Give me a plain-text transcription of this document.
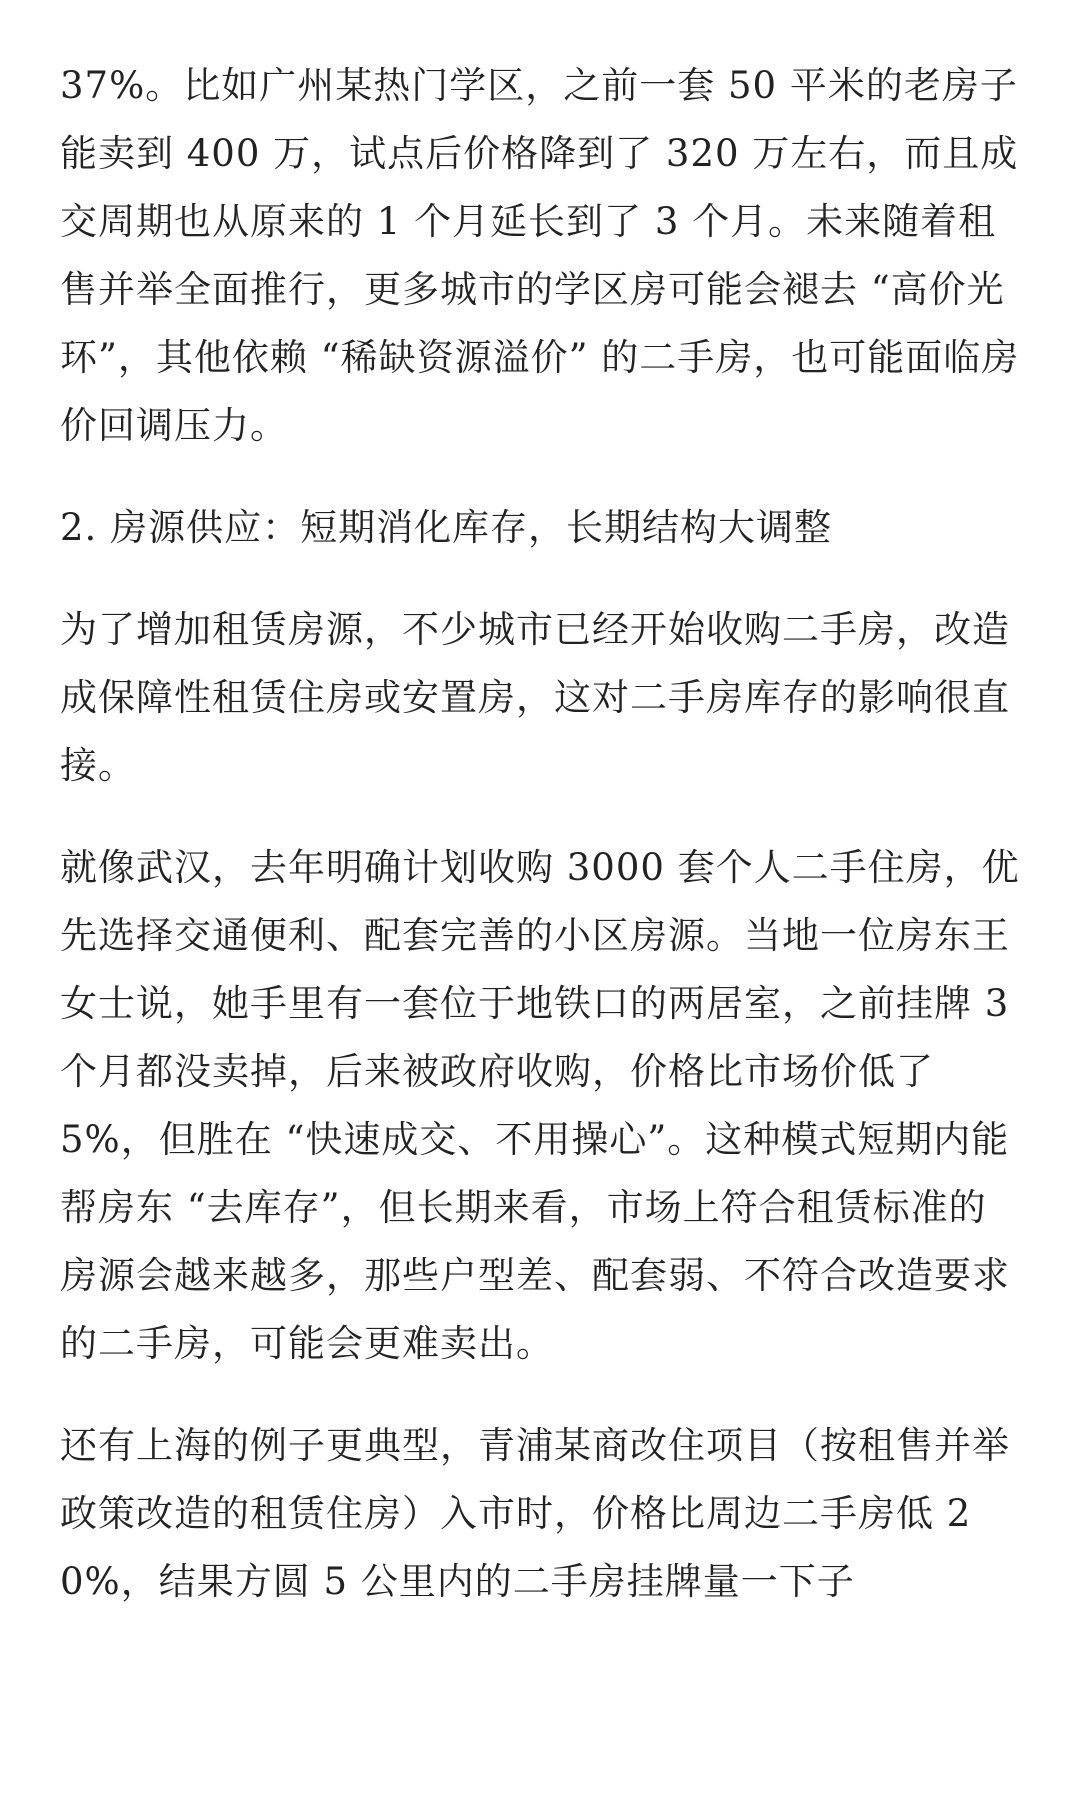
37%。比如广州某热门学区，之前一套 50 平米的老房子能卖到 400 万，试点后价格降到了 320 万左右，而且成交周期也从原来的 1 个月延长到了 3 个月。未来随着租售并举全面推行，更多城市的学区房可能会褪去 “高价光环”，其他依赖 “稀缺资源溢价” 的二手房，也可能面临房价回调压力。

2. 房源供应：短期消化库存，长期结构大调整

为了增加租赁房源，不少城市已经开始收购二手房，改造成保障性租赁住房或安置房，这对二手房库存的影响很直接。

就像武汉，去年明确计划收购 3000 套个人二手住房，优先选择交通便利、配套完善的小区房源。当地一位房东王女士说，她手里有一套位于地铁口的两居室，之前挂牌 3 个月都没卖掉，后来被政府收购，价格比市场价低了 5%，但胜在 “快速成交、不用操心”。这种模式短期内能帮房东 “去库存”，但长期来看，市场上符合租赁标准的房源会越来越多，那些户型差、配套弱、不符合改造要求的二手房，可能会更难卖出。

还有上海的例子更典型，青浦某商改住项目（按租售并举政策改造的租赁住房）入市时，价格比周边二手房低 20%，结果方圆 5 公里内的二手房挂牌量一下子
